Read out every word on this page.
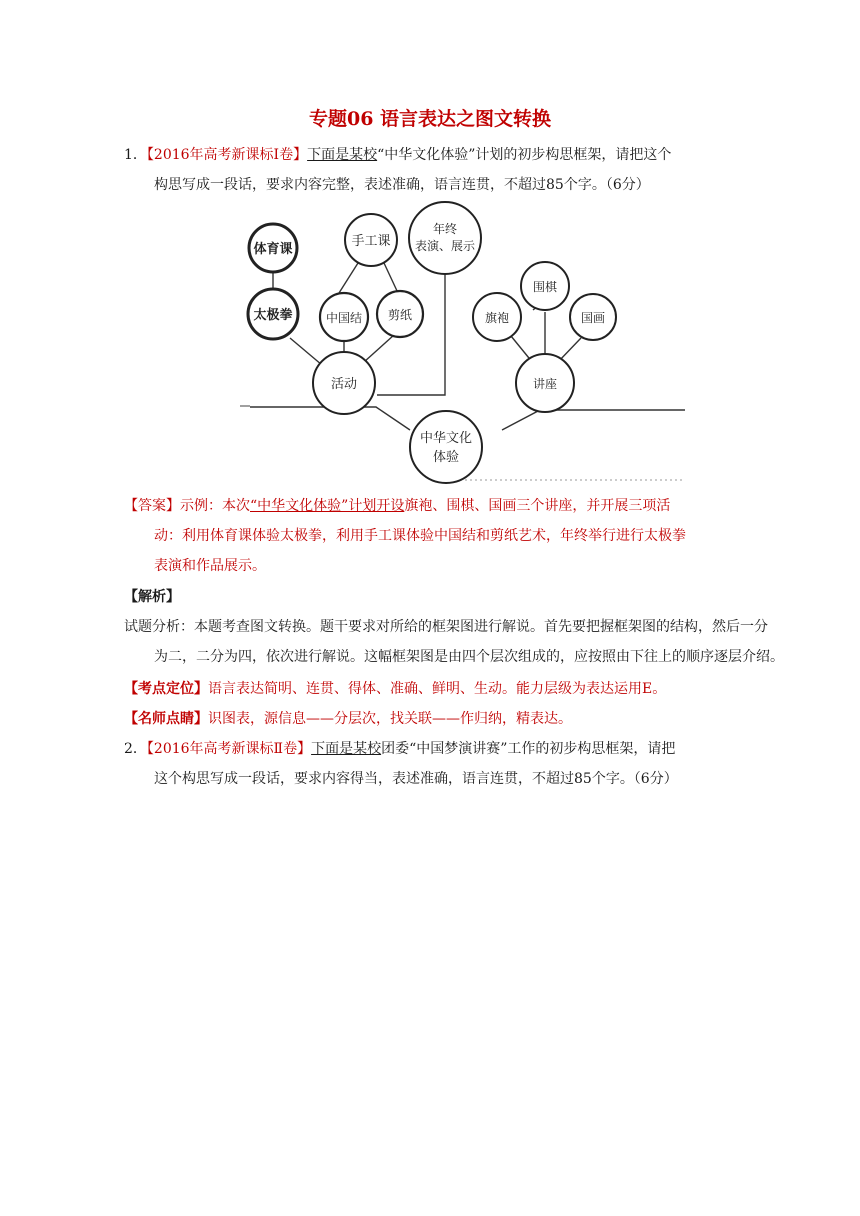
专题06 语言表达之图文转换
1．【2016年高考新课标Ⅰ卷】下面是某校“中华文化体验”计划的初步构思框架，请把这个
构思写成一段话，要求内容完整，表述准确，语言连贯，不超过85个字。（6分）
体育课
手工课
年终
表演、展示
太极拳	中国结 剪纸
活动
围棋
旗袍	国画
讲座
中华文化
体验
【答案】示例：本次“中华文化体验”计划开设旗袍、围棋、国画三个讲座，并开展三项活
动：利用体育课体验太极拳，利用手工课体验中国结和剪纸艺术，年终举行进行太极拳
表演和作品展示。
【解析】
试题分析：本题考查图文转换。题干要求对所给的框架图进行解说。首先要把握框架图的结构，然后一分
为二，二分为四，依次进行解说。这幅框架图是由四个层次组成的，应按照由下往上的顺序逐层介绍。
【考点定位】语言表达简明、连贯、得体、准确、鲜明、生动。能力层级为表达运用E。
【名师点睛】识图表，源信息——分层次，找关联——作归纳，精表达。
2．【2016年高考新课标Ⅱ卷】下面是某校团委“中国梦演讲赛”工作的初步构思框架，请把
这个构思写成一段话，要求内容得当，表述准确，语言连贯，不超过85个字。（6分）
